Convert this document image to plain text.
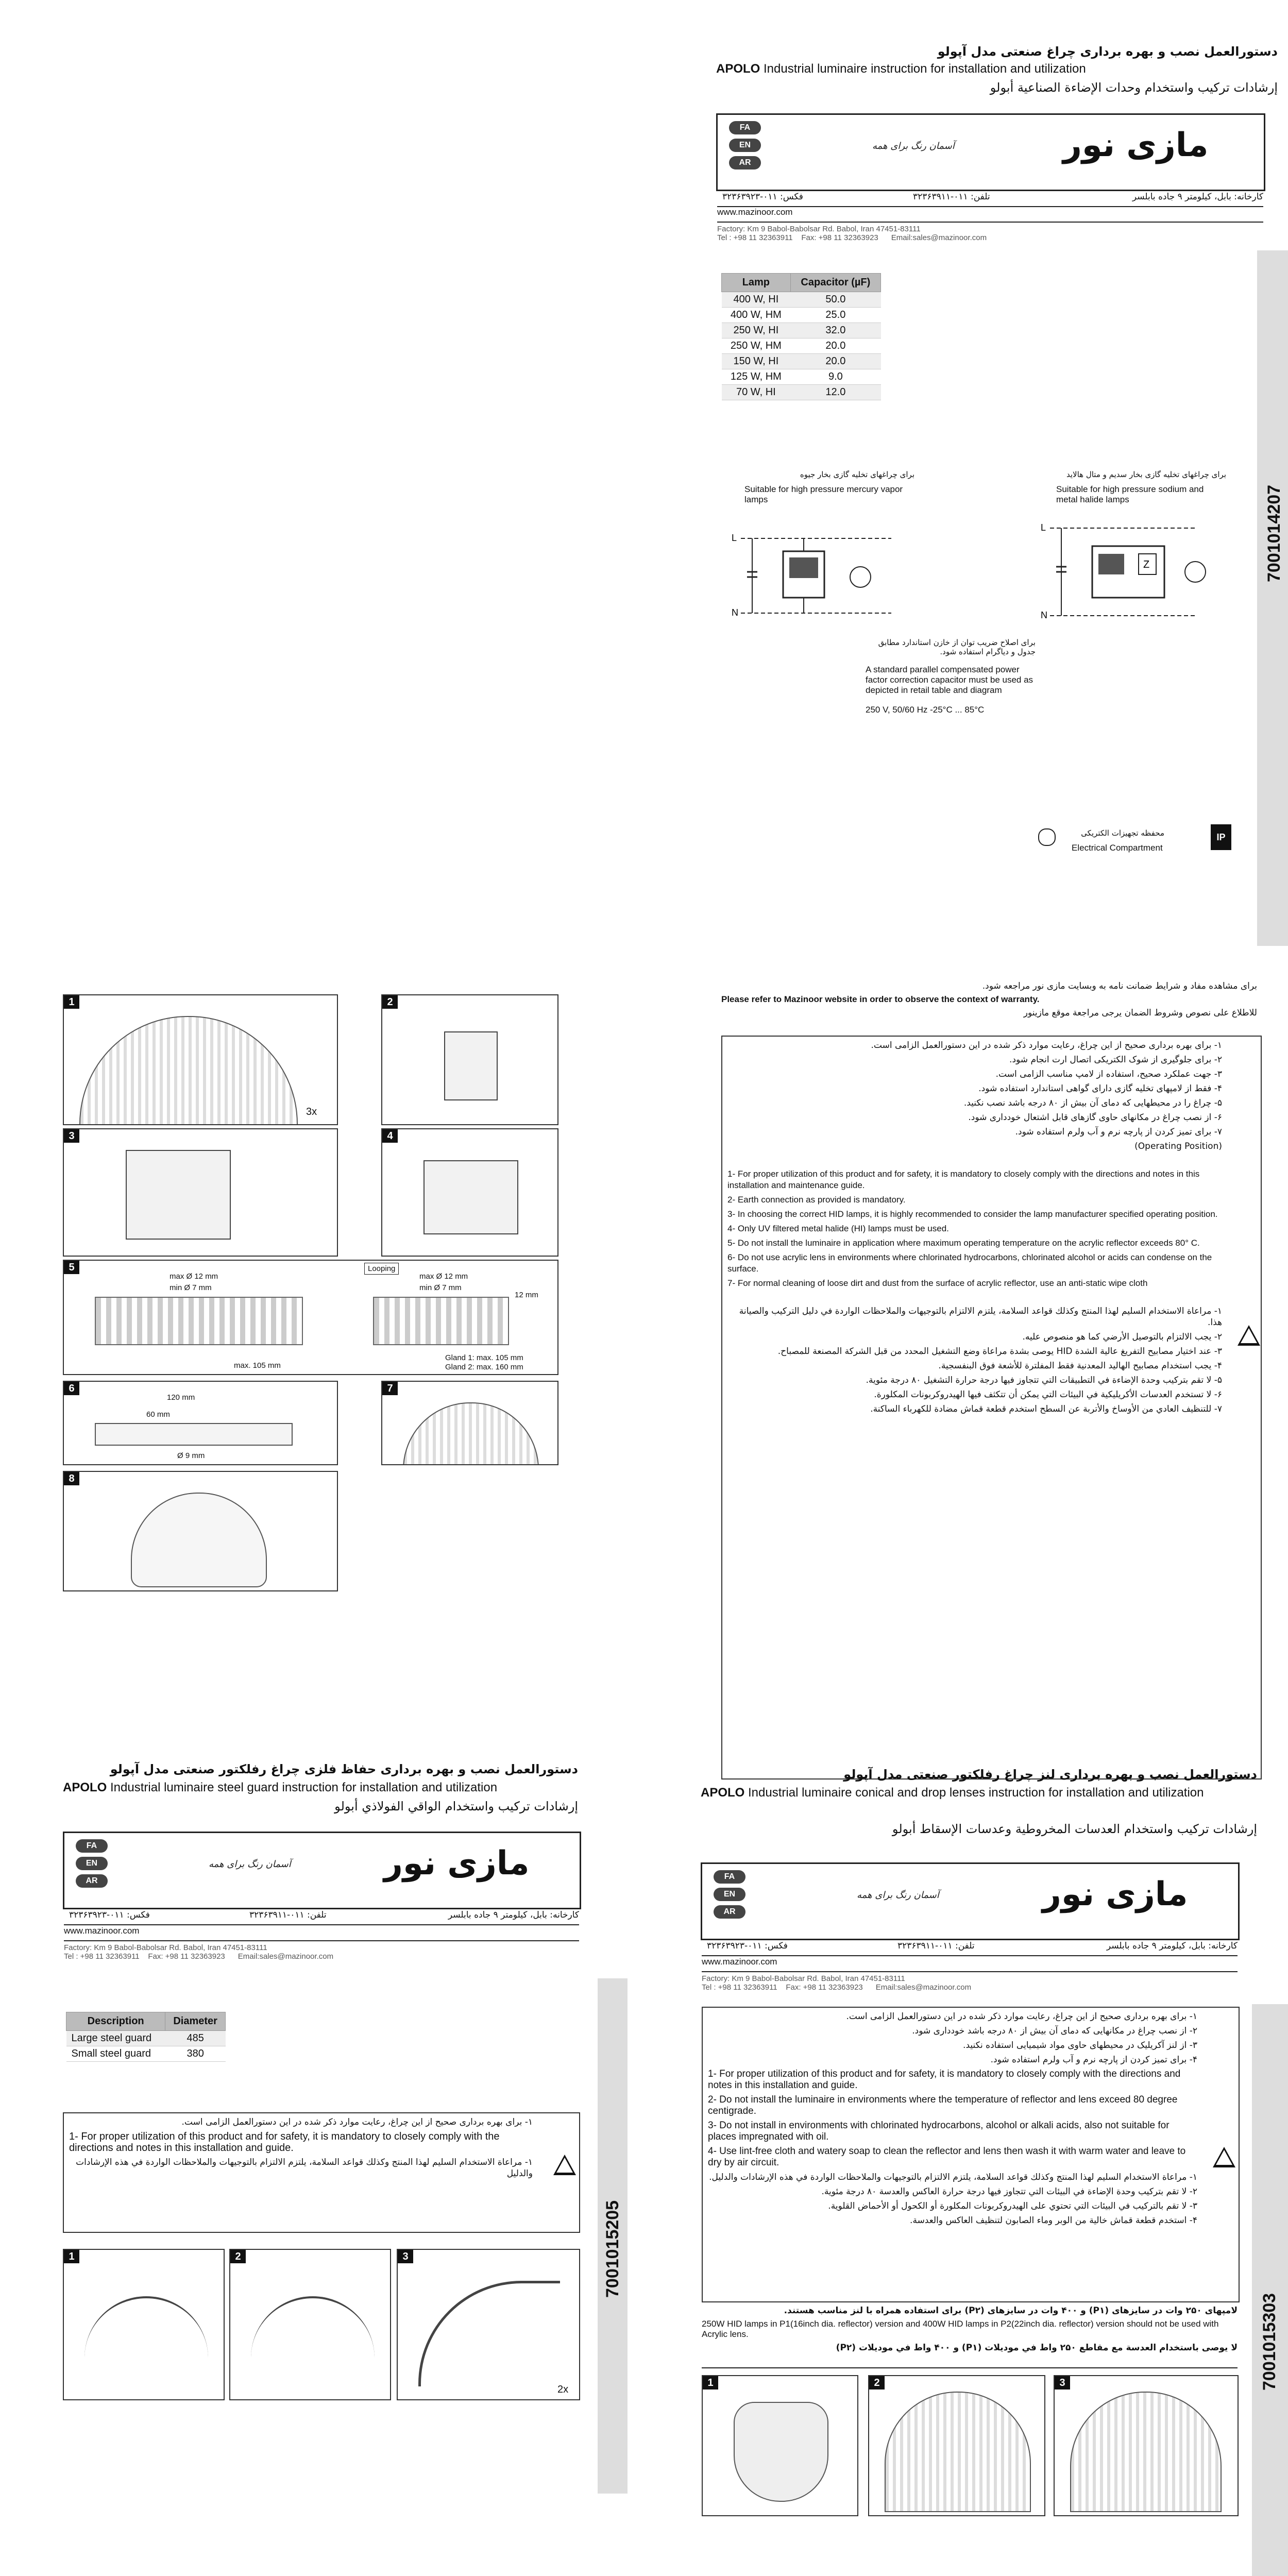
دستورالعمل نصب و بهره برداری چراغ صنعتی مدل آپولو
APOLO Industrial luminaire instruction for installation and utilization
إرشادات تركيب واستخدام وحدات الإضاءة الصناعية أبولو
FA
EN
AR
آسمان رنگ برای همه	مازی نور
کارخانه: بابل، کیلومتر ۹ جاده بابلسر
تلفن: ۰۱۱-۳۲۳۶۳۹۱۱
فکس: ۰۱۱-۳۲۳۶۳۹۲۳
www.mazinoor.com
Factory: Km 9 Babol-Babolsar Rd. Babol, Iran 47451-83111
Tel : +98 11 32363911 Fax: +98 11 32363923 Email:sales@mazinoor.com
7001014207
Lamp	Capacitor (µF)
400 W, HI	50.0
400 W, HM	25.0
250 W, HI	32.0
250 W, HM	20.0
150 W, HI	20.0
125 W, HM	9.0
70 W, HI	12.0
برای چراغهای تخلیه گازی بخار جیوه
Suitable for high pressure mercury vapor lamps
برای چراغهای تخلیه گازی بخار سدیم و متال هالاید
Suitable for high pressure sodium and metal halide lamps
L
N
L
N
Z
برای اصلاح ضریب توان از خازن استاندارد مطابق جدول و دیاگرام استفاده شود.
A standard parallel compensated power factor correction capacitor must be used as depicted in retail table and diagram
250 V, 50/60 Hz -25°C ... 85°C
محفظه تجهیزات الکتریکی
Electrical Compartment
IP
1
3x
2
3	4
5
max Ø 12 mm
min Ø 7 mm
max. 105 mm
Looping
max Ø 12 mm
min Ø 7 mm
12 mm
Gland 1: max. 105 mm
Gland 2: max. 160 mm
6
120 mm
60 mm
Ø 9 mm
7
8
برای مشاهده مفاد و شرایط ضمانت نامه به وبسایت مازی نور مراجعه شود.
Please refer to Mazinoor website in order to observe the context of warranty.
للاطلاع على نصوص وشروط الضمان يرجى مراجعة موقع مازينور
!

۱- برای بهره برداری صحیح از این چراغ، رعایت موارد ذکر شده در این دستورالعمل الزامی است.

۲- برای جلوگیری از شوک الکتریکی اتصال ارت انجام شود.

۳- جهت عملکرد صحیح، استفاده از لامپ مناسب الزامی است.

۴- فقط از لامپهای تخلیه گازی دارای گواهی استاندارد استفاده شود.

۵- چراغ را در محیطهایی که دمای آن بیش از ۸۰ درجه باشد نصب نکنید.

۶- از نصب چراغ در مکانهای حاوی گازهای قابل اشتعال خودداری شود.

۷- برای تمیز کردن از پارچه نرم و آب ولرم استفاده شود.

(Operating Position)

1- For proper utilization of this product and for safety, it is mandatory to closely comply with the directions and notes in this installation and maintenance guide.

2- Earth connection as provided is mandatory.

3- In choosing the correct HID lamps, it is highly recommended to consider the lamp manufacturer specified operating position.

4- Only UV filtered metal halide (HI) lamps must be used.

5- Do not install the luminaire in application where maximum operating temperature on the acrylic reflector exceeds 80° C.

6- Do not use acrylic lens in environments where chlorinated hydrocarbons, chlorinated alcohol or acids can condense on the surface.

7- For normal cleaning of loose dirt and dust from the surface of acrylic reflector, use an anti-static wipe cloth

۱- مراعاة الاستخدام السليم لهذا المنتج وكذلك قواعد السلامة، يلتزم الالتزام بالتوجيهات والملاحظات الواردة في دليل التركيب والصيانة هذا.

۲- يجب الالتزام بالتوصيل الأرضي كما هو منصوص عليه.

۳- عند اختيار مصابيح التفريغ عالية الشدة HID يوصى بشدة مراعاة وضع التشغيل المحدد من قبل الشركة المصنعة للمصباح.

۴- يجب استخدام مصابيح الهاليد المعدنية فقط المفلترة للأشعة فوق البنفسجية.

۵- لا تقم بتركيب وحدة الإضاءة في التطبيقات التي تتجاوز فيها درجة حرارة التشغيل ۸۰ درجة مئوية.

۶- لا تستخدم العدسات الأكريليكية في البيئات التي يمكن أن تتكثف فيها الهيدروكربونات المكلورة.

۷- للتنظيف العادي من الأوساخ والأتربة عن السطح استخدم قطعة قماش مضادة للكهرباء الساكنة.

دستورالعمل نصب و بهره برداری حفاظ فلزی چراغ رفلکتور صنعتی مدل آپولو
APOLO Industrial luminaire steel guard instruction for installation and utilization
إرشادات تركيب واستخدام الواقي الفولاذي أبولو
FA
EN
AR
آسمان رنگ برای همه	مازی نور
کارخانه: بابل، کیلومتر ۹ جاده بابلسر
تلفن: ۰۱۱-۳۲۳۶۳۹۱۱
فکس: ۰۱۱-۳۲۳۶۳۹۲۳
www.mazinoor.com
Factory: Km 9 Babol-Babolsar Rd. Babol, Iran 47451-83111
Tel : +98 11 32363911 Fax: +98 11 32363923 Email:sales@mazinoor.com
7001015205
Description	Diameter
Large steel guard	485
Small steel guard	380
!

۱- برای بهره برداری صحیح از این چراغ، رعایت موارد ذکر شده در این دستورالعمل الزامی است.

1- For proper utilization of this product and for safety, it is mandatory to closely comply with the directions and notes in this installation and guide.

۱- مراعاة الاستخدام السليم لهذا المنتج وكذلك قواعد السلامة، يلتزم الالتزام بالتوجيهات والملاحظات الواردة في هذه الإرشادات والدليل

1	2	3
2x

دستورالعمل نصب و بهره برداری لنز چراغ رفلکتور صنعتی مدل آپولو
APOLO Industrial luminaire conical and drop lenses instruction for installation and utilization
إرشادات تركيب واستخدام العدسات المخروطية وعدسات الإسقاط أبولو
FA
EN
AR
آسمان رنگ برای همه	مازی نور
کارخانه: بابل، کیلومتر ۹ جاده بابلسر
تلفن: ۰۱۱-۳۲۳۶۳۹۱۱
فکس: ۰۱۱-۳۲۳۶۳۹۲۳
www.mazinoor.com
Factory: Km 9 Babol-Babolsar Rd. Babol, Iran 47451-83111
Tel : +98 11 32363911 Fax: +98 11 32363923 Email:sales@mazinoor.com
7001015303
!

۱- برای بهره برداری صحیح از این چراغ، رعایت موارد ذکر شده در این دستورالعمل الزامی است.

۲- از نصب چراغ در مکانهایی که دمای آن بیش از ۸۰ درجه باشد خودداری شود.

۳- از لنز آکریلیک در محیطهای حاوی مواد شیمیایی استفاده نکنید.

۴- برای تمیز کردن از پارچه نرم و آب ولرم استفاده شود.

1- For proper utilization of this product and for safety, it is mandatory to closely comply with the directions and notes in this installation and guide.

2- Do not install the luminaire in environments where the temperature of reflector and lens exceed 80 degree centigrade.

3- Do not install in environments with chlorinated hydrocarbons, alcohol or alkali acids, also not suitable for places impregnated with oil.

4- Use lint-free cloth and watery soap to clean the reflector and lens then wash it with warm water and leave to dry by air circuit.

۱- مراعاة الاستخدام السليم لهذا المنتج وكذلك قواعد السلامة، يلتزم الالتزام بالتوجيهات والملاحظات الواردة في هذه الإرشادات والدليل.

۲- لا تقم بتركيب وحدة الإضاءة في البيئات التي تتجاوز فيها درجة حرارة العاكس والعدسة ۸۰ درجة مئوية.

۳- لا تقم بالتركيب في البيئات التي تحتوي على الهيدروكربونات المكلورة أو الكحول أو الأحماض القلوية.

۴- استخدم قطعة قماش خالية من الوبر وماء الصابون لتنظيف العاكس والعدسة.

لامپهای ۲۵۰ وات در سایزهای (P۱) و ۴۰۰ وات در سایزهای (P۲) برای استفاده همراه با لنز مناسب هستند.
250W HID lamps in P1(16inch dia. reflector) version and 400W HID lamps in P2(22inch dia. reflector) version should not be used with Acrylic lens.
لا یوصی باستخدام العدسة مع مقاطع ۲۵۰ واط في موديلات (P۱) و ۴۰۰ واط في موديلات (P۲)
1	2	3
